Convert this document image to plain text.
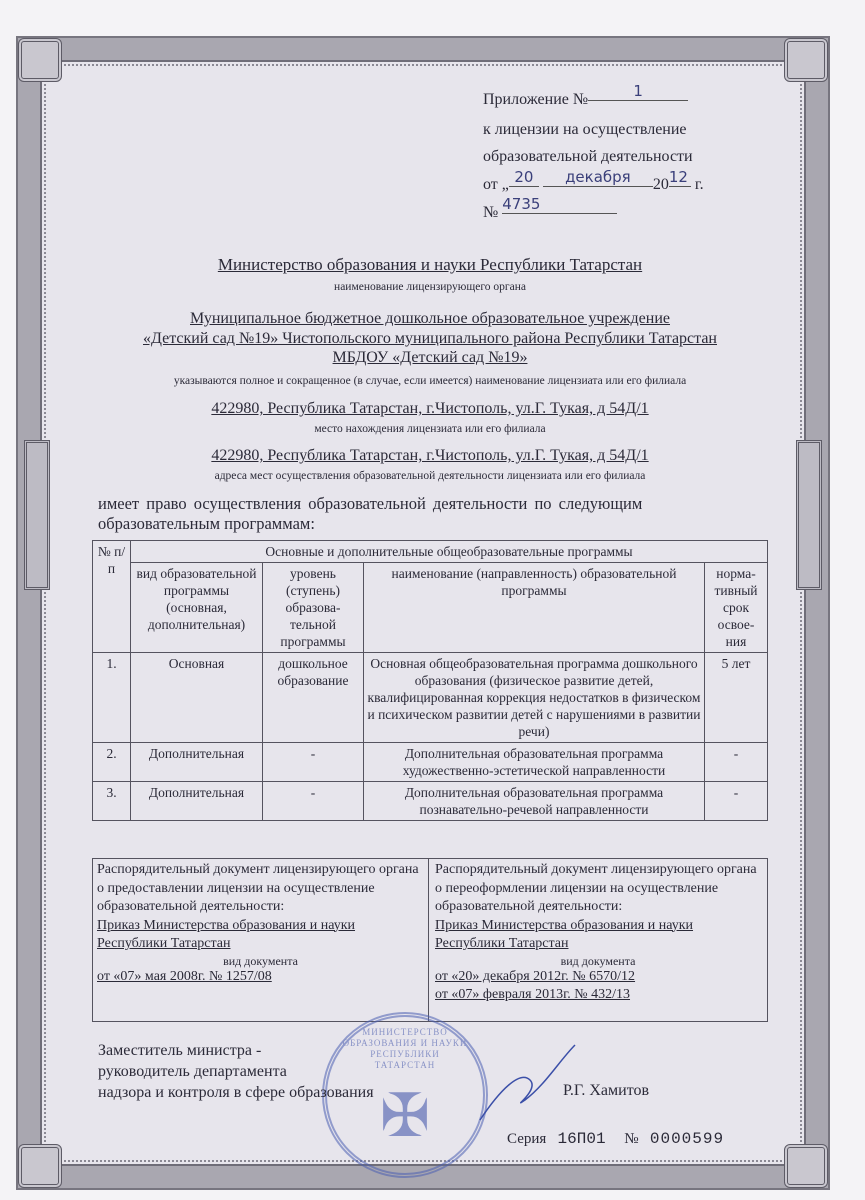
Приложение №	1
к лицензии на осуществление
образовательной деятельности
от „ 20 декабря 2012 г.
№ 4735
Министерство образования и науки Республики Татарстан
наименование лицензирующего органа
Муниципальное бюджетное дошкольное образовательное учреждение
«Детский сад №19» Чистопольского муниципального района Республики Татарстан
МБДОУ «Детский сад №19»
указываются полное и сокращенное (в случае, если имеется) наименование лицензиата или его филиала
422980, Республика Татарстан, г.Чистополь, ул.Г. Тукая, д 54Д/1
место нахождения лицензиата или его филиала
422980, Республика Татарстан, г.Чистополь, ул.Г. Тукая, д 54Д/1
адреса мест осуществления образовательной деятельности лицензиата или его филиала
имеет право осуществления образовательной деятельности по следующим
образовательным программам:
№ п/п	Основные и дополнительные общеобразовательные программы			
	вид образовательной программы (основная, дополнительная)	уровень (ступень) образова-тельной программы	наименование (направленность) образовательной программы	норма-тивный срок освое-ния
1.	Основная	дошкольное образование	Основная общеобразовательная программа дошкольного образования (физическое развитие детей, квалифицированная коррекция недостатков в физическом и психическом развитии детей с нарушениями в развитии речи)	5 лет
2.	Дополнительная	-	Дополнительная образовательная программа художественно-эстетической направленности	-
3.	Дополнительная	-	Дополнительная образовательная программа познавательно-речевой направленности	-
Распорядительный документ лицензирующего органа о предоставлении лицензии на осуществление образовательной деятельности:
Приказ Министерства образования и науки
Республики Татарстан
вид документа
от «07» мая 2008г. № 1257/08

Распорядительный документ лицензирующего органа о переоформлении лицензии на осуществление образовательной деятельности:
Приказ Министерства образования и науки
Республики Татарстан
вид документа
от «20» декабря 2012г. № 6570/12
от «07» февраля 2013г. № 432/13
МИНИСТЕРСТВО ОБРАЗОВАНИЯ И НАУКИ РЕСПУБЛИКИ ТАТАРСТАН
✠
Заместитель министра -
руководитель департамента
надзора и контроля в сфере образования	Р.Г. Хамитов
Серия 16П01 № 0000599
